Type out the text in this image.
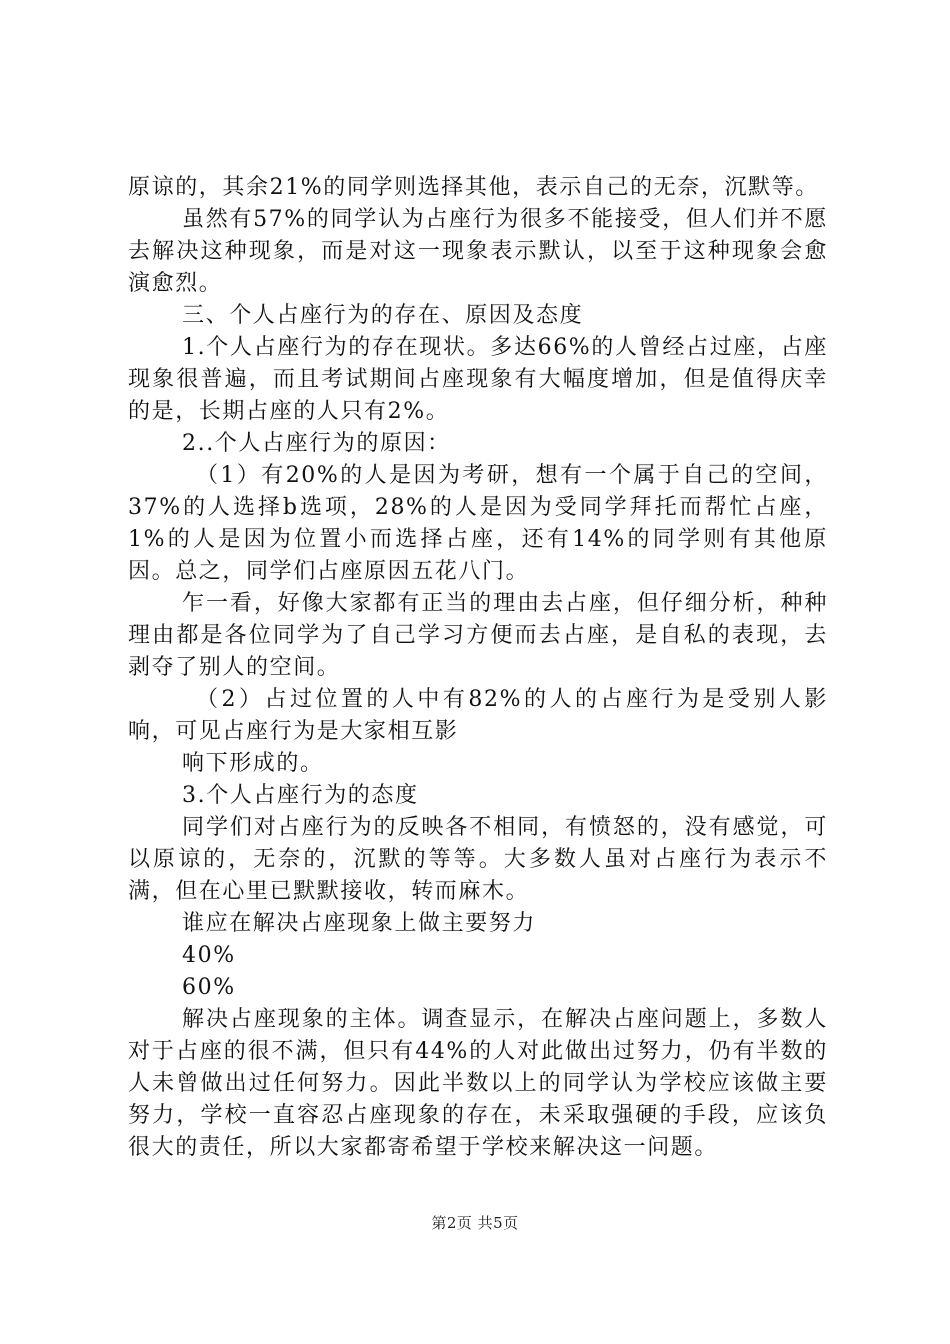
原谅的，其余21%的同学则选择其他，表示自己的无奈，沉默等。

虽然有57%的同学认为占座行为很多不能接受，但人们并不愿去解决这种现象，而是对这一现象表示默认，以至于这种现象会愈演愈烈。

三、个人占座行为的存在、原因及态度

1.个人占座行为的存在现状。多达66%的人曾经占过座，占座现象很普遍，而且考试期间占座现象有大幅度增加，但是值得庆幸的是，长期占座的人只有2%。

2..个人占座行为的原因：

（1）有20%的人是因为考研，想有一个属于自己的空间，37%的人选择b选项，28%的人是因为受同学拜托而帮忙占座，1%的人是因为位置小而选择占座，还有14%的同学则有其他原因。总之，同学们占座原因五花八门。

乍一看，好像大家都有正当的理由去占座，但仔细分析，种种理由都是各位同学为了自己学习方便而去占座，是自私的表现，去剥夺了别人的空间。

（2）占过位置的人中有82%的人的占座行为是受别人影响，可见占座行为是大家相互影

响下形成的。

3.个人占座行为的态度

同学们对占座行为的反映各不相同，有愤怒的，没有感觉，可以原谅的，无奈的，沉默的等等。大多数人虽对占座行为表示不满，但在心里已默默接收，转而麻木。

谁应在解决占座现象上做主要努力

40%

60%

解决占座现象的主体。调查显示，在解决占座问题上，多数人对于占座的很不满，但只有44%的人对此做出过努力，仍有半数的人未曾做出过任何努力。因此半数以上的同学认为学校应该做主要努力，学校一直容忍占座现象的存在，未采取强硬的手段，应该负很大的责任，所以大家都寄希望于学校来解决这一问题。

第2页 共5页
